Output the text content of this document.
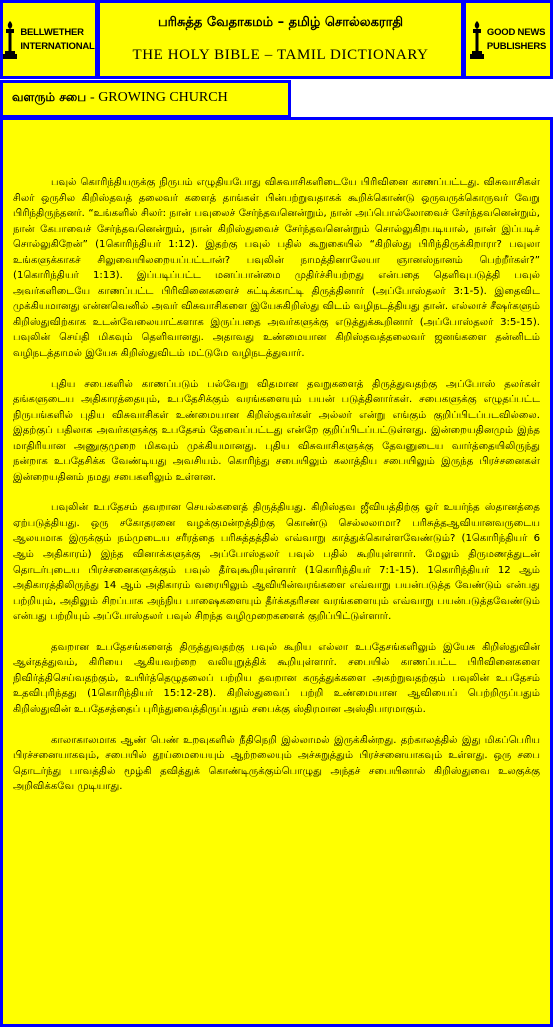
BELLWETHER
INTERNATIONAL
பரிசுத்த வேதாகமம் – தமிழ் சொல்லகராதி
THE HOLY BIBLE – TAMIL DICTIONARY
GOOD NEWS
PUBLISHERS
வளரும் சபை - GROWING CHURCH

பவுல் கொரிந்தியருக்கு நிருபம் எழுதியபோது விசுவாசிகளிடையே பிரிவினை காணப்பட்டது. விசுவாசிகள் சிலர் ஒருசில கிறிஸ்தவத் தலைவர் களைத் தாங்கள் பின்பற்றுவதாகக் கூறிக்கொண்டு ஒருவருக்கொருவர் வேறு பிரிந்திருந்தனர். “உங்களில் சிலர்: நான் பவுலைச் சேர்ந்தவனென்றும், நான் அப்பொல்லோவைச் சேர்ந்தவனென்றும், நான் கேபாவைச் சேர்ந்தவனென்றும், நான் கிறிஸ்துவைச் சேர்ந்தவனென்றும் சொல்லுகிறபடியால், நான் இப்படிச் சொல்லுகிறேன்” (1கொரிந்தியர் 1:12). இதற்கு பவுல் பதில் கூறுகையில் “கிறிஸ்து பிரிந்திருக்கிறாரா? பவுலா உங்களுக்காகச் சிலுவையிலறையப்பட்டான்? பவுலின் நாமத்தினாலேயா ஞானஸ்நானம் பெற்றீர்கள்?” (1கொரிந்தியர் 1:13). இப்படிப்பட்ட மனப்பான்மை முதிர்ச்சியற்றது என்பதை தெளிவுபடுத்தி பவுல் அவர்களிடையே காணப்பட்ட பிரிவினைகளைச் சுட்டிக்காட்டி திருத்தினார் (அப்போஸ்தலர் 3:1-5). இதைவிட முக்கியமானது என்னவெனில் அவர் விசுவாசிகளை இயேசுகிறிஸ்து விடம் வழிநடத்தியது தான். எல்லாச் சீஷர்களும் கிறிஸ்துவிற்காக உடன்வேலையாட்களாக இருப்பதை அவர்களுக்கு எடுத்துக்கூறினார் (அப்போஸ்தலர் 3:5-15). பவுலின் செய்தி மிகவும் தெளிவானது. அதாவது உண்மையான கிறிஸ்தவத்தலைவர் ஜனங்களை தன்னிடம் வழிநடத்தாமல் இயேசு கிறிஸ்துவிடம் மட்டுமே வழிநடத்துவார்.

புதிய சபைகளில் காணப்படும் பல்வேறு விதமான தவறுகளைத் திருத்துவதற்கு அப்போஸ் தலர்கள் தங்களுடைய அதிகாரத்தையும், உபதேசிக்கும் வரங்களையும் பயன் படுத்தினார்கள். சபைகளுக்கு எழுதப்பட்ட நிருபங்களில் புதிய விசுவாசிகள் உண்மையான கிறிஸ்தவர்கள் அல்லர் என்று எங்கும் குறிப்பிடப்படவில்லை. இதற்குப் பதிலாக அவர்களுக்கு உபதேசம் தேவைப்பட்டது என்றே குறிப்பிடப்பட்டுள்ளது. இன்றையதினமும் இந்த மாதிரியான அணுகுமுறை மிகவும் முக்கியமானது. புதிய விசுவாசிகளுக்கு தேவனுடைய வார்த்தையிலிருந்து நன்றாக உபதேசிக்க வேண்டியது அவசியம். கொரிந்து சபையிலும் கலாத்திய சபையிலும் இருந்த பிரச்சனைகள் இன்றையதினம் நமது சபைகளிலும் உள்ளன.

பவுலின் உபதேசம் தவறான செயல்களைத் திருத்தியது. கிறிஸ்தவ ஜீவியத்திற்கு ஓர் உயர்ந்த ஸ்தானத்தை ஏற்படுத்தியது. ஒரு சகோதரனை வழக்குமன்றத்திற்கு கொண்டு செல்லலாமா? பரிசுத்தஆவியானவருடைய ஆலயமாக இருக்கும் நம்முடைய சரீரத்தை பரிசுத்தத்தில் எவ்வாறு காத்துக்கொள்ளவேண்டும்? (1கொரிந்தியர் 6 ஆம் அதிகாரம்) இந்த வினாக்களுக்கு அப்போஸ்தலர் பவுல் பதில் கூறியுள்ளார். மேலும் திருமணத்துடன் தொடர்புடைய பிரச்சனைகளுக்கும் பவுல் தீர்வுகூறியுள்ளார் (1கொரிந்தியர் 7:1-15). 1கொரிந்தியர் 12 ஆம் அதிகாரத்திலிருந்து 14 ஆம் அதிகாரம் வரையிலும் ஆவியின்வரங்களை எவ்வாறு பயன்படுத்த வேண்டும் என்பது பற்றியும், அதிலும் சிறப்பாக அந்நிய பாஷைகளையும் தீர்க்கதரிசன வரங்களையும் எவ்வாறு பயன்படுத்தவேண்டும் என்பது பற்றியும் அப்போஸ்தலர் பவுல் சிறந்த வழிமுறைகளைக் குறிப்பிட்டுள்ளார்.

தவறான உபதேசங்களைத் திருத்துவதற்கு பவுல் கூறிய எல்லா உபதேசங்களிலும் இயேசு கிறிஸ்துவின் ஆள்தத்துவம், கிரியை ஆகியவற்றை வலியுறுத்திக் கூறியுள்ளார். சபையில் காணப்பட்ட பிரிவினைகளை நிவிர்த்திசெய்வதற்கும், உயிர்த்தெழுதலைப் பற்றிய தவறான கருத்துக்களை அகற்றுவதற்கும் பவுலின் உபதேசம் உதவிபுரிந்தது (1கொரிந்தியர் 15:12-28). கிறிஸ்துவைப் பற்றி உண்மையான ஆவியைப் பெற்றிருப்பதும் கிறிஸ்துவின் உபதேசத்தைப் புரிந்துவைத்திருப்பதும் சபைக்கு ஸ்திரமான அஸ்திபாரமாகும்.

காலாகாலமாக ஆண் பெண் உறவுகளில் நீதிநெறி இல்லாமல் இருக்கின்றது. தற்காலத்தில் இது மிகப்பெரிய பிரச்சனையாகவும், சபையில் தூய்மையையும் ஆற்றலையும் அச்சுறுத்தும் பிரச்சனையாகவும் உள்ளது. ஒரு சபை தொடர்ந்து பாவத்தில் மூழ்கி தவித்துக் கொண்டிருக்கும்பொழுது அந்தச் சபையினால் கிறிஸ்துவை உலகுக்கு அறிவிக்கவே முடியாது.
